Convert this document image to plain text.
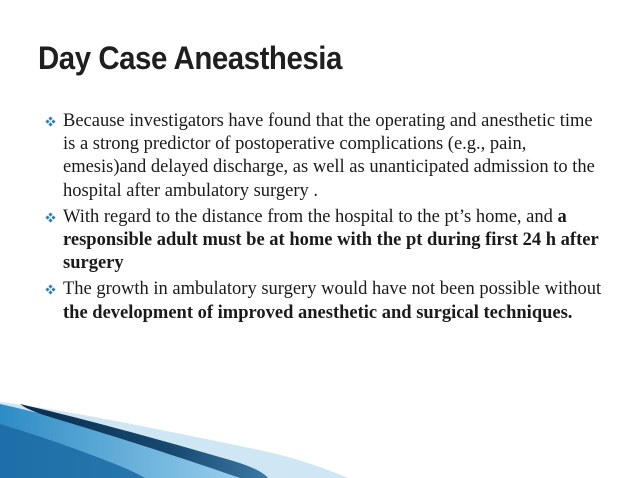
Day Case Aneasthesia
Because investigators have found that the operating and anesthetic time is a strong predictor of postoperative complications (e.g., pain, emesis)and delayed discharge, as well as unanticipated admission to the hospital after ambulatory surgery .
With regard to the distance from the hospital to the pt’s home, and a responsible adult must be at home with the pt during first 24 h after surgery
The growth in ambulatory surgery would have not been possible without the development of improved anesthetic and surgical techniques.
